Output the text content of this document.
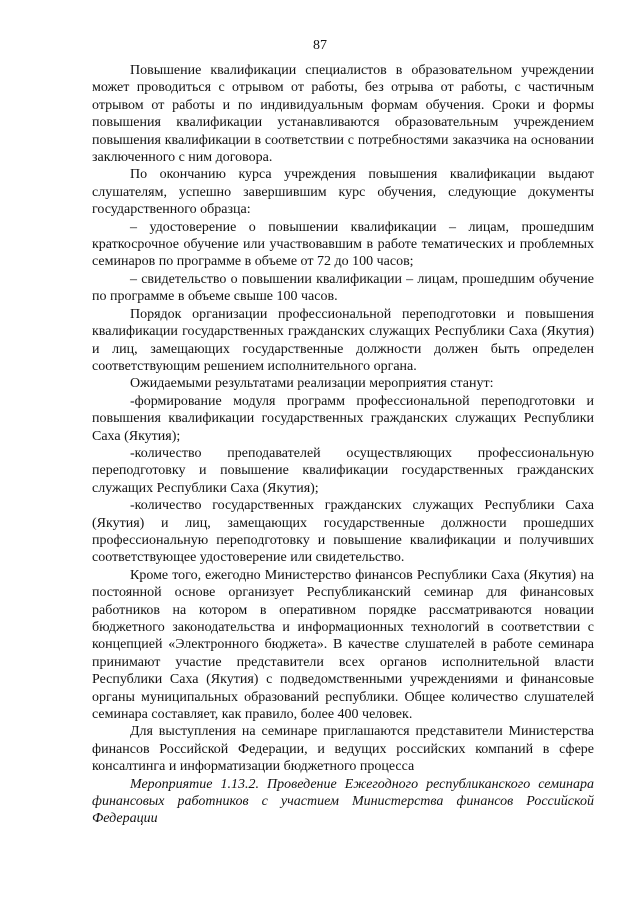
87

Повышение квалификации специалистов в образовательном учреждении может проводиться с отрывом от работы, без отрыва от работы, с частичным отрывом от работы и по индивидуальным формам обучения. Сроки и формы повышения квалификации устанавливаются образовательным учреждением повышения квалификации в соответствии с потребностями заказчика на основании заключенного с ним договора.

По окончанию курса учреждения повышения квалификации выдают слушателям, успешно завершившим курс обучения, следующие документы государственного образца:

– удостоверение о повышении квалификации – лицам, прошедшим краткосрочное обучение или участвовавшим в работе тематических и проблемных семинаров по программе в объеме от 72 до 100 часов;

– свидетельство о повышении квалификации – лицам, прошедшим обучение по программе в объеме свыше 100 часов.

Порядок организации профессиональной переподготовки и повышения квалификации государственных гражданских служащих Республики Саха (Якутия) и лиц, замещающих государственные должности должен быть определен соответствующим решением исполнительного органа.

Ожидаемыми результатами реализации мероприятия станут:

-формирование модуля программ профессиональной переподготовки и повышения квалификации государственных гражданских служащих Республики Саха (Якутия);

-количество преподавателей осуществляющих профессиональную переподготовку и повышение квалификации государственных гражданских служащих Республики Саха (Якутия);

-количество государственных гражданских служащих Республики Саха (Якутия) и лиц, замещающих государственные должности прошедших профессиональную переподготовку и повышение квалификации и получивших соответствующее удостоверение или свидетельство.

Кроме того, ежегодно Министерство финансов Республики Саха (Якутия) на постоянной основе организует Республиканский семинар для финансовых работников на котором в оперативном порядке рассматриваются новации бюджетного законодательства и информационных технологий в соответствии с концепцией «Электронного бюджета». В качестве слушателей в работе семинара принимают участие представители всех органов исполнительной власти Республики Саха (Якутия) с подведомственными учреждениями и финансовые органы муниципальных образований республики. Общее количество слушателей семинара составляет, как правило, более 400 человек.

Для выступления на семинаре приглашаются представители Министерства финансов Российской Федерации, и ведущих российских компаний в сфере консалтинга и информатизации бюджетного процесса

Мероприятие 1.13.2. Проведение Ежегодного республиканского семинара финансовых работников с участием Министерства финансов Российской Федерации
